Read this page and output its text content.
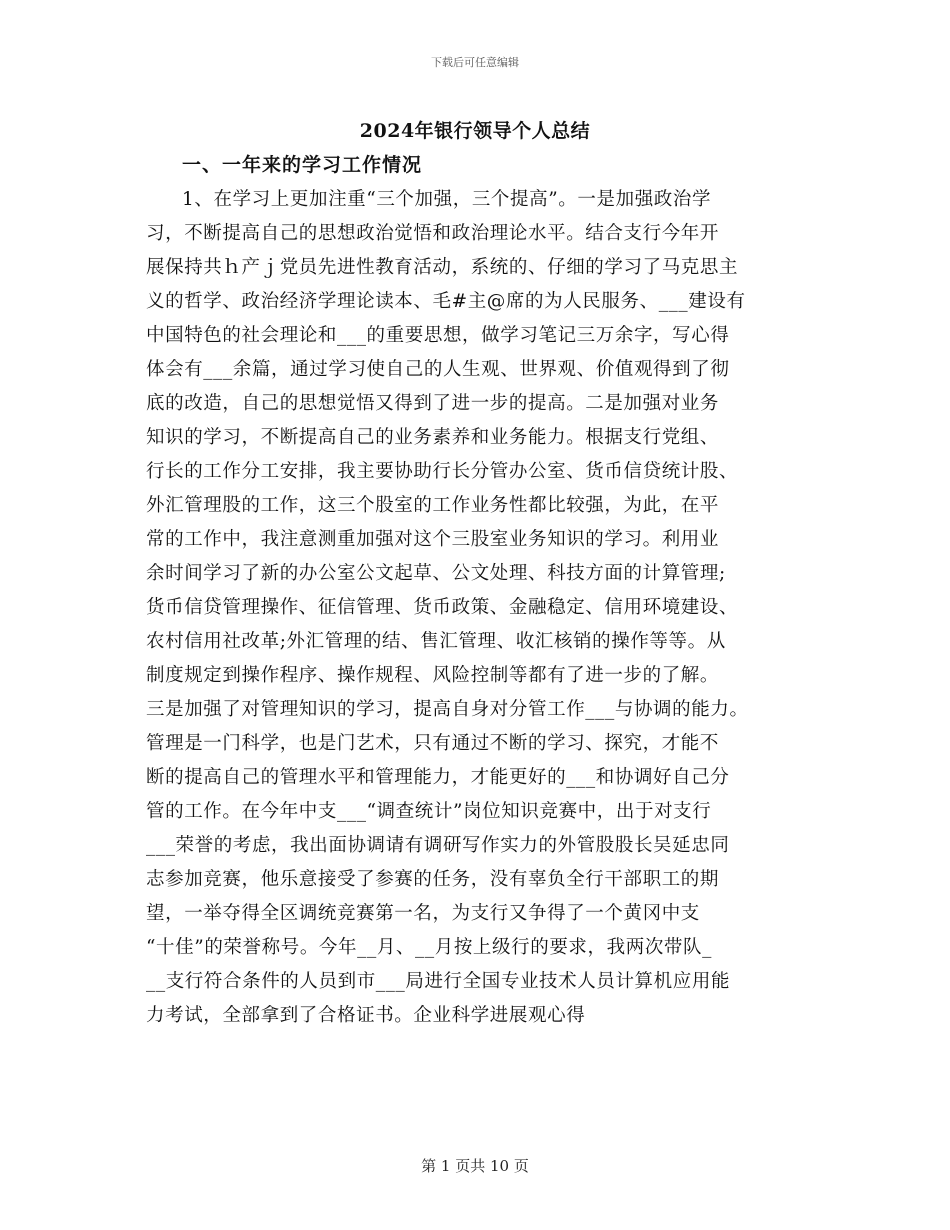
下载后可任意编辑
2024年银行领导个人总结
一、一年来的学习工作情况
1、在学习上更加注重“三个加强，三个提高”。一是加强政治学
习，不断提高自己的思想政治觉悟和政治理论水平。结合支行今年开
展保持共ｈ产ｊ党员先进性教育活动，系统的、仔细的学习了马克思主
义的哲学、政治经济学理论读本、毛#主@席的为人民服务、___建设有
中国特色的社会理论和___的重要思想，做学习笔记三万余字，写心得
体会有___余篇，通过学习使自己的人生观、世界观、价值观得到了彻
底的改造，自己的思想觉悟又得到了进一步的提高。二是加强对业务
知识的学习，不断提高自己的业务素养和业务能力。根据支行党组、
行长的工作分工安排，我主要协助行长分管办公室、货币信贷统计股、
外汇管理股的工作，这三个股室的工作业务性都比较强，为此，在平
常的工作中，我注意测重加强对这个三股室业务知识的学习。利用业
余时间学习了新的办公室公文起草、公文处理、科技方面的计算管理;
货币信贷管理操作、征信管理、货币政策、金融稳定、信用环境建设、
农村信用社改革;外汇管理的结、售汇管理、收汇核销的操作等等。从
制度规定到操作程序、操作规程、风险控制等都有了进一步的了解。
三是加强了对管理知识的学习，提高自身对分管工作___与协调的能力。
管理是一门科学，也是门艺术，只有通过不断的学习、探究，才能不
断的提高自己的管理水平和管理能力，才能更好的___和协调好自己分
管的工作。在今年中支___“调查统计”岗位知识竞赛中，出于对支行
___荣誉的考虑，我出面协调请有调研写作实力的外管股股长吴延忠同
志参加竞赛，他乐意接受了参赛的任务，没有辜负全行干部职工的期
望，一举夺得全区调统竞赛第一名，为支行又争得了一个黄冈中支
“十佳”的荣誉称号。今年__月、__月按上级行的要求，我两次带队_
__支行符合条件的人员到市___局进行全国专业技术人员计算机应用能
力考试，全部拿到了合格证书。企业科学进展观心得
第 1 页共 10 页
